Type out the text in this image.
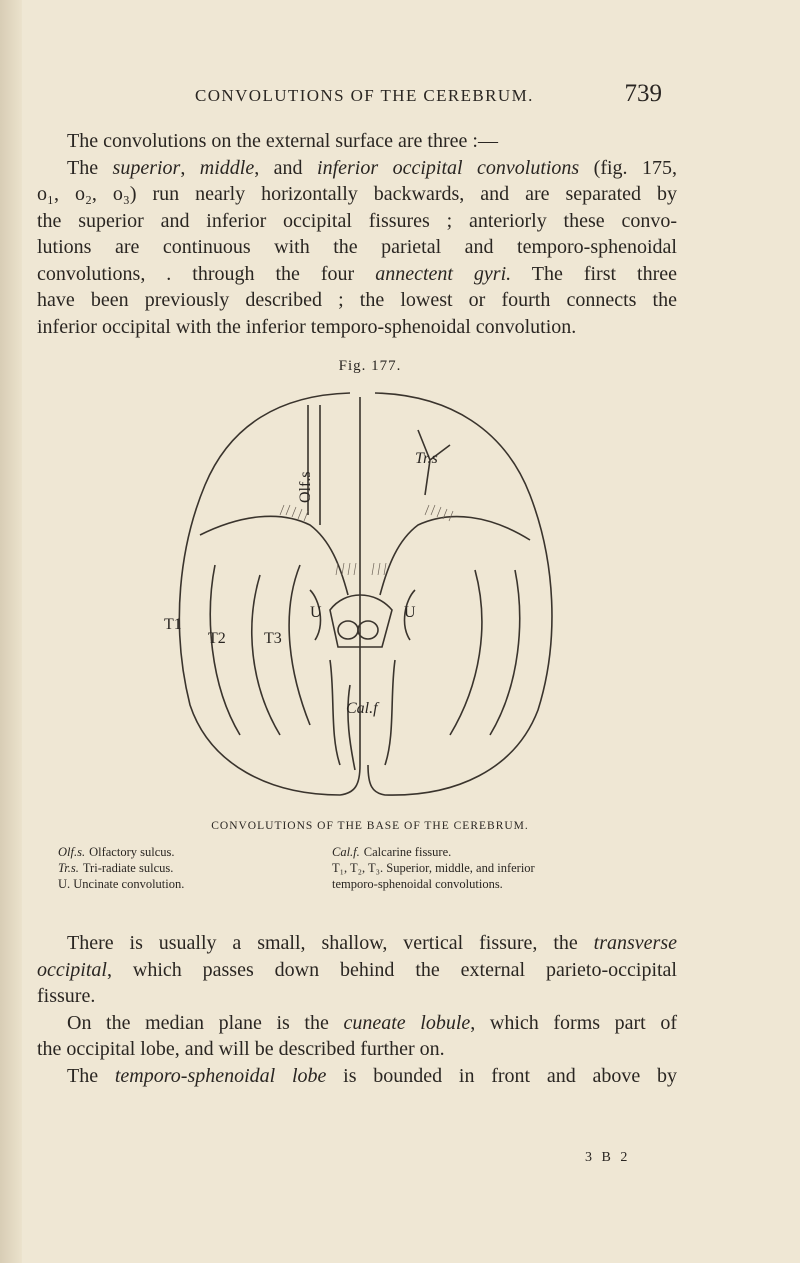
CONVOLUTIONS OF THE CEREBRUM.	739

The convolutions on the external surface are three :—

The superior, middle, and inferior occipital convolutions (fig. 175,

o₁, o₂, o₃) run nearly horizontally backwards, and are separated by

the superior and inferior occipital fissures ; anteriorly these convo-

lutions are continuous with the parietal and temporo-sphenoidal

convolutions, . through the four annectent gyri. The first three

have been previously described ; the lowest or fourth connects the

inferior occipital with the inferior temporo-sphenoidal convolution.

Fig. 177.
Olf.s
Tr.s
T1
T2 T3
U	U
Cal.f
CONVOLUTIONS OF THE BASE OF THE CEREBRUM.
Olf.s. Olfactory sulcus.
Tr.s. Tri-radiate sulcus.
U. Uncinate convolution.
Cal.f. Calcarine fissure.
T₁, T₂, T₃. Superior, middle, and inferior
temporo-sphenoidal convolutions.

There is usually a small, shallow, vertical fissure, the transverse

occipital, which passes down behind the external parieto-occipital

fissure.

On the median plane is the cuneate lobule, which forms part of

the occipital lobe, and will be described further on.

The temporo-sphenoidal lobe is bounded in front and above by

3 B 2
